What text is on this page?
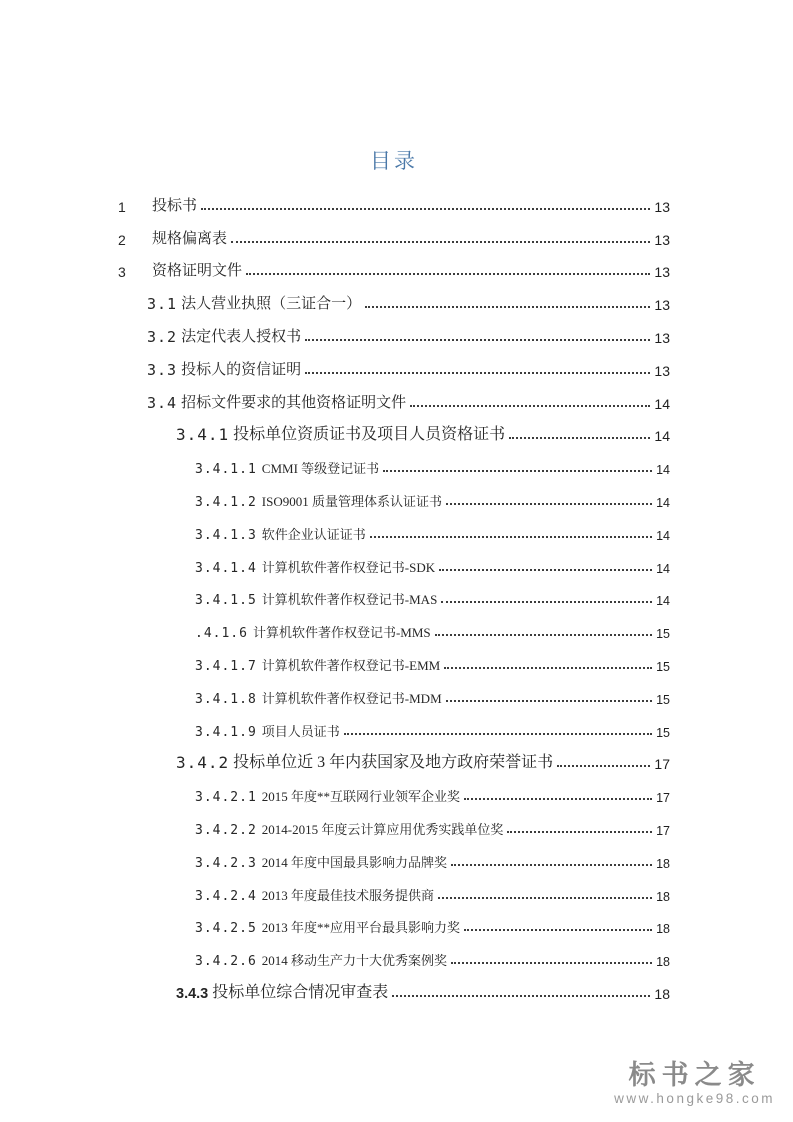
目录
1	投标书	13
2	规格偏离表	13
3	资格证明文件	13
3.1 法人营业执照（三证合一）	13
3.2 法定代表人授权书	13
3.3 投标人的资信证明	13
3.4 招标文件要求的其他资格证明文件	14
3.4.1 投标单位资质证书及项目人员资格证书	14
3.4.1.1 CMMI 等级登记证书	14
3.4.1.2 ISO9001 质量管理体系认证证书	14
3.4.1.3 软件企业认证证书	14
3.4.1.4 计算机软件著作权登记书-SDK	14
3.4.1.5 计算机软件著作权登记书-MAS	14
.4.1.6 计算机软件著作权登记书-MMS	15
3.4.1.7 计算机软件著作权登记书-EMM	15
3.4.1.8 计算机软件著作权登记书-MDM	15
3.4.1.9 项目人员证书	15
3.4.2 投标单位近 3 年内获国家及地方政府荣誉证书	17
3.4.2.1 2015 年度**互联网行业领军企业奖	17
3.4.2.2 2014-2015 年度云计算应用优秀实践单位奖	17
3.4.2.3 2014 年度中国最具影响力品牌奖	18
3.4.2.4 2013 年度最佳技术服务提供商	18
3.4.2.5 2013 年度**应用平台最具影响力奖	18
3.4.2.6 2014 移动生产力十大优秀案例奖	18
3.4.3 投标单位综合情况审查表	18
标书之家
www.hongke98.com
